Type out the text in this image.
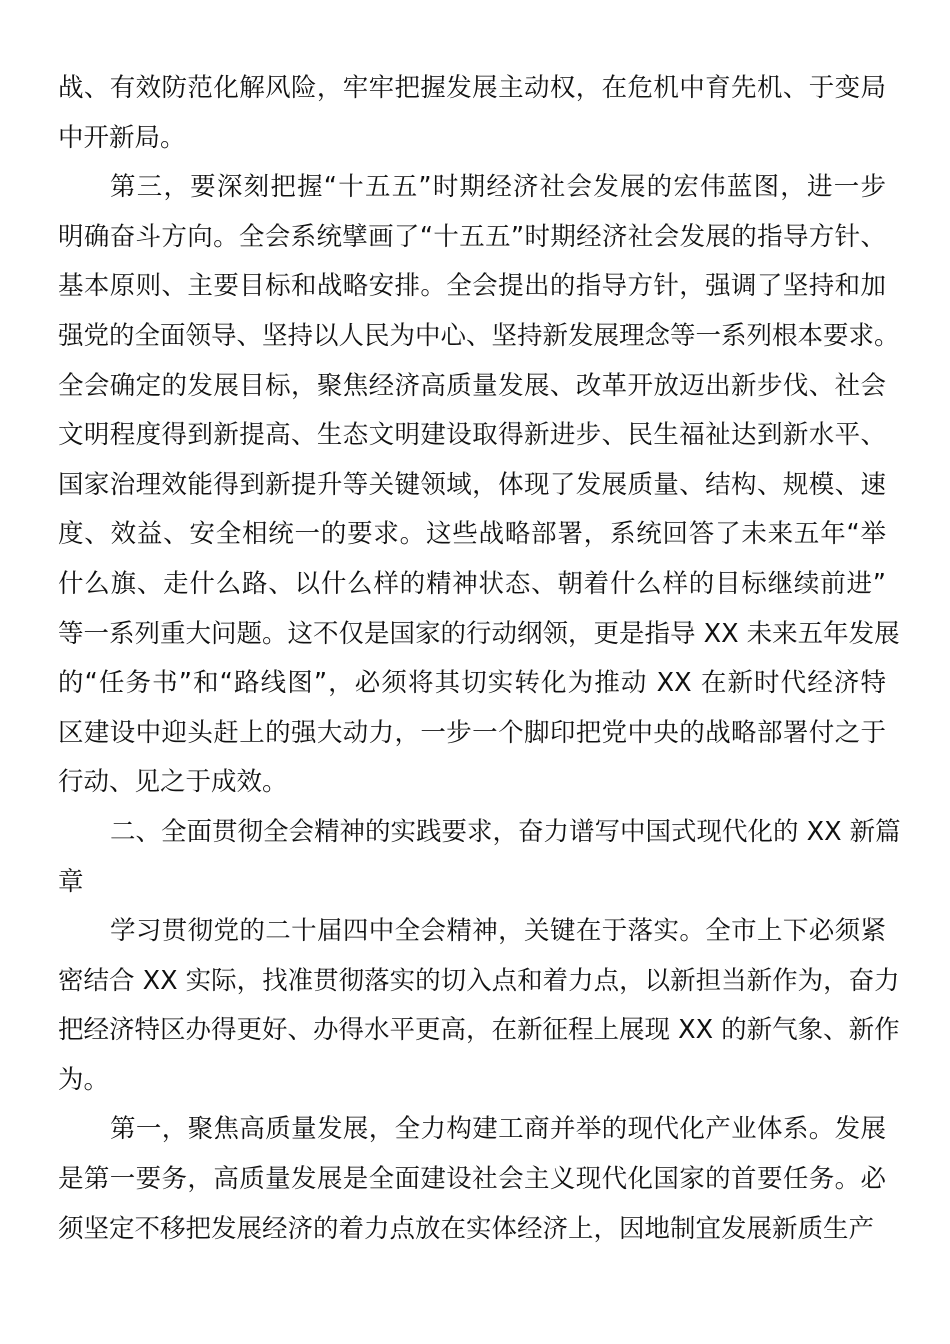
战、有效防范化解风险，牢牢把握发展主动权，在危机中育先机、于变局
中开新局。
第三，要深刻把握“十五五”时期经济社会发展的宏伟蓝图，进一步
明确奋斗方向。全会系统擘画了“十五五”时期经济社会发展的指导方针、
基本原则、主要目标和战略安排。全会提出的指导方针，强调了坚持和加
强党的全面领导、坚持以人民为中心、坚持新发展理念等一系列根本要求。
全会确定的发展目标，聚焦经济高质量发展、改革开放迈出新步伐、社会
文明程度得到新提高、生态文明建设取得新进步、民生福祉达到新水平、
国家治理效能得到新提升等关键领域，体现了发展质量、结构、规模、速
度、效益、安全相统一的要求。这些战略部署，系统回答了未来五年“举
什么旗、走什么路、以什么样的精神状态、朝着什么样的目标继续前进”
等一系列重大问题。这不仅是国家的行动纲领，更是指导 XX 未来五年发展
的“任务书”和“路线图”，必须将其切实转化为推动 XX 在新时代经济特
区建设中迎头赶上的强大动力，一步一个脚印把党中央的战略部署付之于
行动、见之于成效。
二、全面贯彻全会精神的实践要求，奋力谱写中国式现代化的 XX 新篇
章
学习贯彻党的二十届四中全会精神，关键在于落实。全市上下必须紧
密结合 XX 实际，找准贯彻落实的切入点和着力点，以新担当新作为，奋力
把经济特区办得更好、办得水平更高，在新征程上展现 XX 的新气象、新作
为。
第一，聚焦高质量发展，全力构建工商并举的现代化产业体系。发展
是第一要务，高质量发展是全面建设社会主义现代化国家的首要任务。必
须坚定不移把发展经济的着力点放在实体经济上，因地制宜发展新质生产
